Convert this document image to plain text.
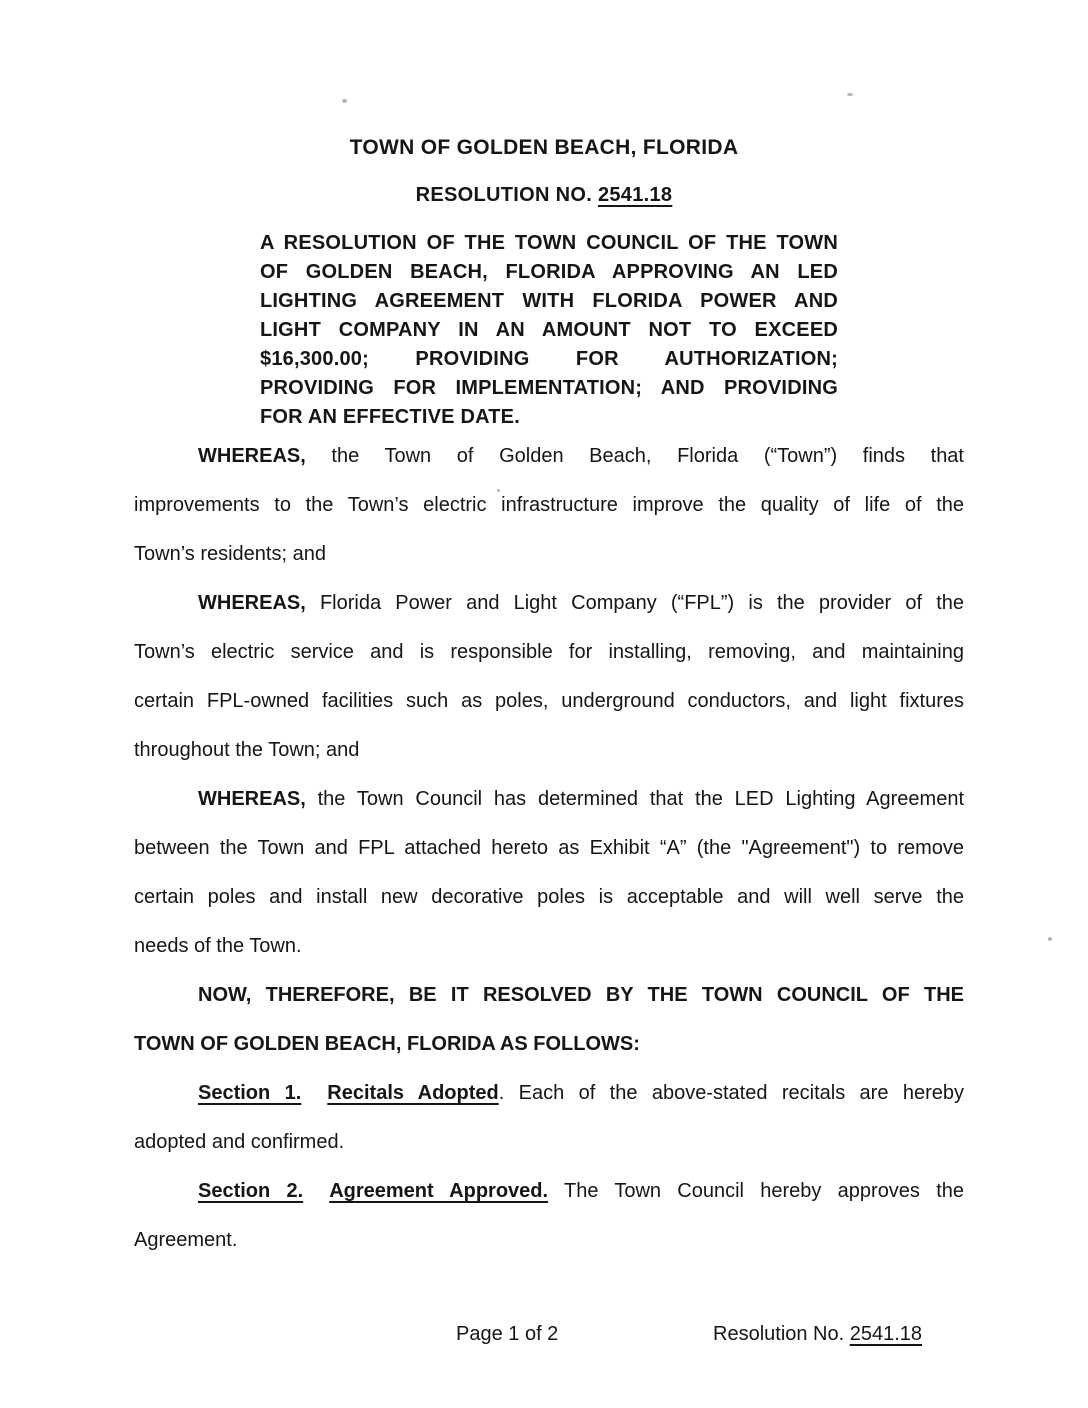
TOWN OF GOLDEN BEACH, FLORIDA
RESOLUTION NO. 2541.18
A RESOLUTION OF THE TOWN COUNCIL OF THE TOWN
OF GOLDEN BEACH, FLORIDA APPROVING AN LED
LIGHTING AGREEMENT WITH FLORIDA POWER AND
LIGHT COMPANY IN AN AMOUNT NOT TO EXCEED
$16,300.00; PROVIDING FOR AUTHORIZATION;
PROVIDING FOR IMPLEMENTATION; AND PROVIDING
FOR AN EFFECTIVE DATE.
WHEREAS, the Town of Golden Beach, Florida (“Town”) finds that
improvements to the Town’s electric infrastructure improve the quality of life of the
Town’s residents; and
WHEREAS, Florida Power and Light Company (“FPL”) is the provider of the
Town’s electric service and is responsible for installing, removing, and maintaining
certain FPL-owned facilities such as poles, underground conductors, and light fixtures
throughout the Town; and
WHEREAS, the Town Council has determined that the LED Lighting Agreement
between the Town and FPL attached hereto as Exhibit “A” (the "Agreement") to remove
certain poles and install new decorative poles is acceptable and will well serve the
needs of the Town.
NOW, THEREFORE, BE IT RESOLVED BY THE TOWN COUNCIL OF THE
TOWN OF GOLDEN BEACH, FLORIDA AS FOLLOWS:
Section 1. Recitals Adopted. Each of the above-stated recitals are hereby
adopted and confirmed.
Section 2. Agreement Approved. The Town Council hereby approves the
Agreement.
Page 1 of 2	Resolution No. 2541.18
